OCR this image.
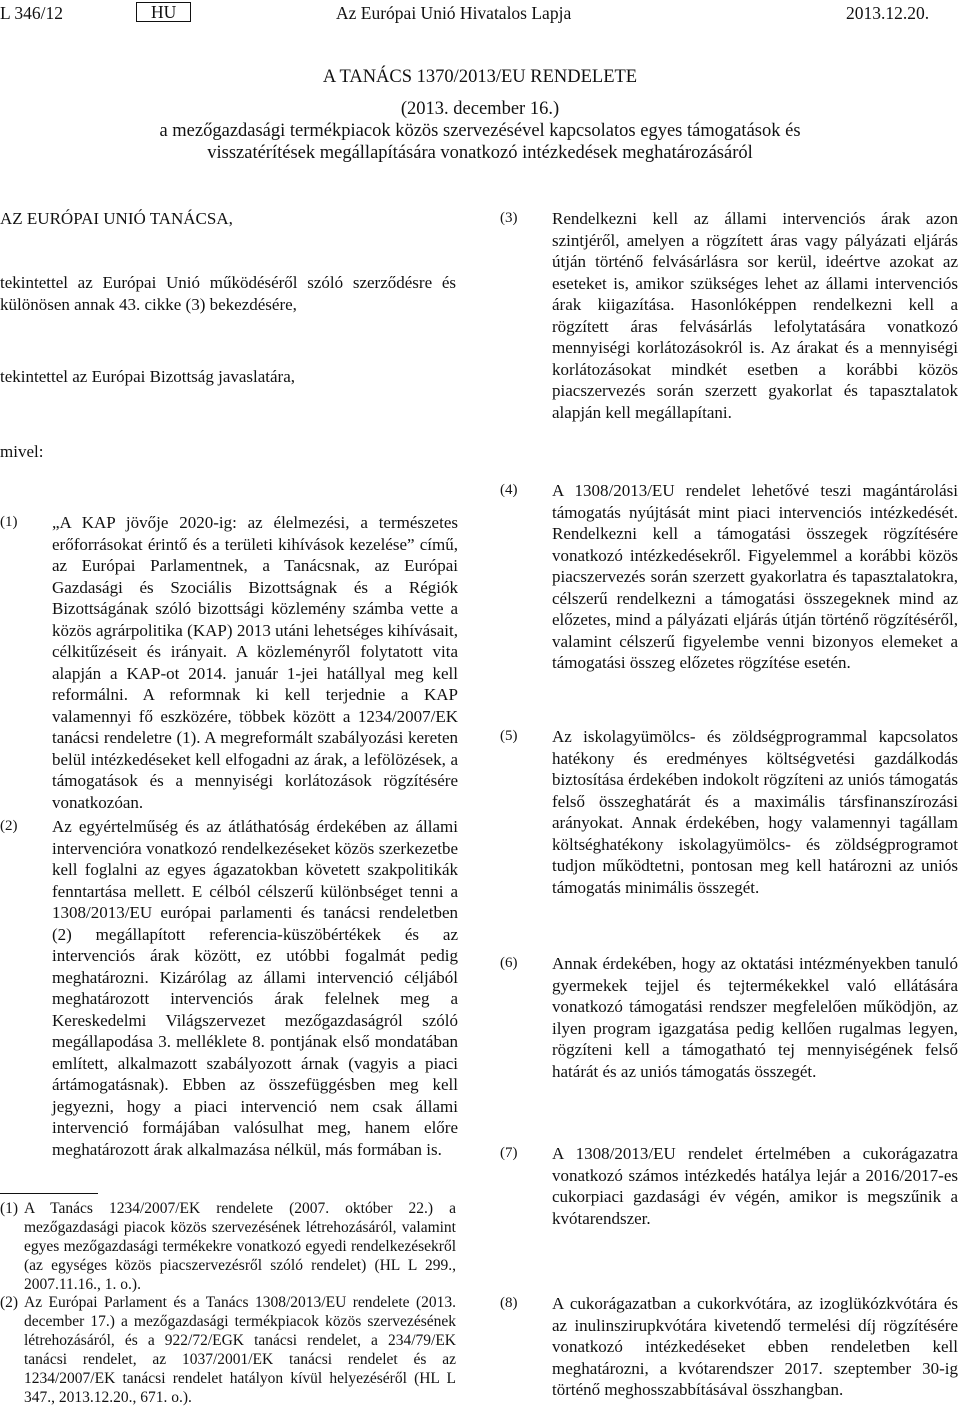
L 346/12	HU	Az Európai Unió Hivatalos Lapja	2013.12.20.
A TANÁCS 1370/2013/EU RENDELETE
(2013. december 16.)
a mezőgazdasági termékpiacok közös szervezésével kapcsolatos egyes támogatások és
visszatérítések megállapítására vonatkozó intézkedések meghatározásáról
AZ EURÓPAI UNIÓ TANÁCSA,
tekintettel az Európai Unió működéséről szóló szerződésre és különösen annak 43. cikke (3) bekezdésére,
tekintettel az Európai Bizottság javaslatára,
mivel:
(1) „A KAP jövője 2020-ig: az élelmezési, a természetes erőforrásokat érintő és a területi kihívások kezelése” című, az Európai Parlamentnek, a Tanácsnak, az Európai Gazdasági és Szociális Bizottságnak és a Régiók Bizottságának szóló bizottsági közlemény számba vette a közös agrárpolitika (KAP) 2013 utáni lehetséges kihívásait, célkitűzéseit és irányait. A közleményről folytatott vita alapján a KAP-ot 2014. január 1-jei hatállyal meg kell reformálni. A reformnak ki kell terjednie a KAP valamennyi fő eszközére, többek között a 1234/2007/EK tanácsi rendeletre (1). A megreformált szabályozási kereten belül intézkedéseket kell elfogadni az árak, a lefölözések, a támogatások és a mennyiségi korlátozások rögzítésére vonatkozóan.
(2) Az egyértelműség és az átláthatóság érdekében az állami intervencióra vonatkozó rendelkezéseket közös szerkezetbe kell foglalni az egyes ágazatokban követett szakpolitikák fenntartása mellett. E célból célszerű különbséget tenni a 1308/2013/EU európai parlamenti és tanácsi rendeletben (2) megállapított referencia-küszöbértékek és az intervenciós árak között, ez utóbbi fogalmát pedig meghatározni. Kizárólag az állami intervenció céljából meghatározott intervenciós árak felelnek meg a Kereskedelmi Világszervezet mezőgazdaságról szóló megállapodása 3. melléklete 8. pontjának első mondatában említett, alkalmazott szabályozott árnak (vagyis a piaci ártámogatásnak). Ebben az összefüggésben meg kell jegyezni, hogy a piaci intervenció nem csak állami intervenció formájában valósulhat meg, hanem előre meghatározott árak alkalmazása nélkül, más formában is.
(1) A Tanács 1234/2007/EK rendelete (2007. október 22.) a mezőgazdasági piacok közös szervezésének létrehozásáról, valamint egyes mezőgazdasági termékekre vonatkozó egyedi rendelkezésekről (az egységes közös piacszervezésről szóló rendelet) (HL L 299., 2007.11.16., 1. o.).
(2) Az Európai Parlament és a Tanács 1308/2013/EU rendelete (2013. december 17.) a mezőgazdasági termékpiacok közös szervezésének létrehozásáról, és a 922/72/EGK tanácsi rendelet, a 234/79/EK tanácsi rendelet, az 1037/2001/EK tanácsi rendelet és az 1234/2007/EK tanácsi rendelet hatályon kívül helyezéséről (HL L 347., 2013.12.20., 671. o.).
(3) Rendelkezni kell az állami intervenciós árak azon szintjéről, amelyen a rögzített áras vagy pályázati eljárás útján történő felvásárlásra sor kerül, ideértve azokat az eseteket is, amikor szükséges lehet az állami intervenciós árak kiigazítása. Hasonlóképpen rendelkezni kell a rögzített áras felvásárlás lefolytatására vonatkozó mennyiségi korlátozásokról is. Az árakat és a mennyiségi korlátozásokat mindkét esetben a korábbi közös piacszervezés során szerzett gyakorlat és tapasztalatok alapján kell megállapítani.
(4) A 1308/2013/EU rendelet lehetővé teszi magántárolási támogatás nyújtását mint piaci intervenciós intézkedését. Rendelkezni kell a támogatási összegek rögzítésére vonatkozó intézkedésekről. Figyelemmel a korábbi közös piacszervezés során szerzett gyakorlatra és tapasztalatokra, célszerű rendelkezni a támogatási összegeknek mind az előzetes, mind a pályázati eljárás útján történő rögzítéséről, valamint célszerű figyelembe venni bizonyos elemeket a támogatási összeg előzetes rögzítése esetén.
(5) Az iskolagyümölcs- és zöldségprogrammal kapcsolatos hatékony és eredményes költségvetési gazdálkodás biztosítása érdekében indokolt rögzíteni az uniós támogatás felső összeghatárát és a maximális társfinanszírozási arányokat. Annak érdekében, hogy valamennyi tagállam költséghatékony iskolagyümölcs- és zöldségprogramot tudjon működtetni, pontosan meg kell határozni az uniós támogatás minimális összegét.
(6) Annak érdekében, hogy az oktatási intézményekben tanuló gyermekek tejjel és tejtermékekkel való ellátására vonatkozó támogatási rendszer megfelelően működjön, az ilyen program igazgatása pedig kellően rugalmas legyen, rögzíteni kell a támogatható tej mennyiségének felső határát és az uniós támogatás összegét.
(7) A 1308/2013/EU rendelet értelmében a cukorágazatra vonatkozó számos intézkedés hatálya lejár a 2016/2017-es cukorpiaci gazdasági év végén, amikor is megszűnik a kvótarendszer.
(8) A cukorágazatban a cukorkvótára, az izoglükózkvótára és az inulinszirupkvótára kivetendő termelési díj rögzítésére vonatkozó intézkedéseket ebben rendeletben kell meghatározni, a kvótarendszer 2017. szeptember 30-ig történő meghosszabbításával összhangban.
